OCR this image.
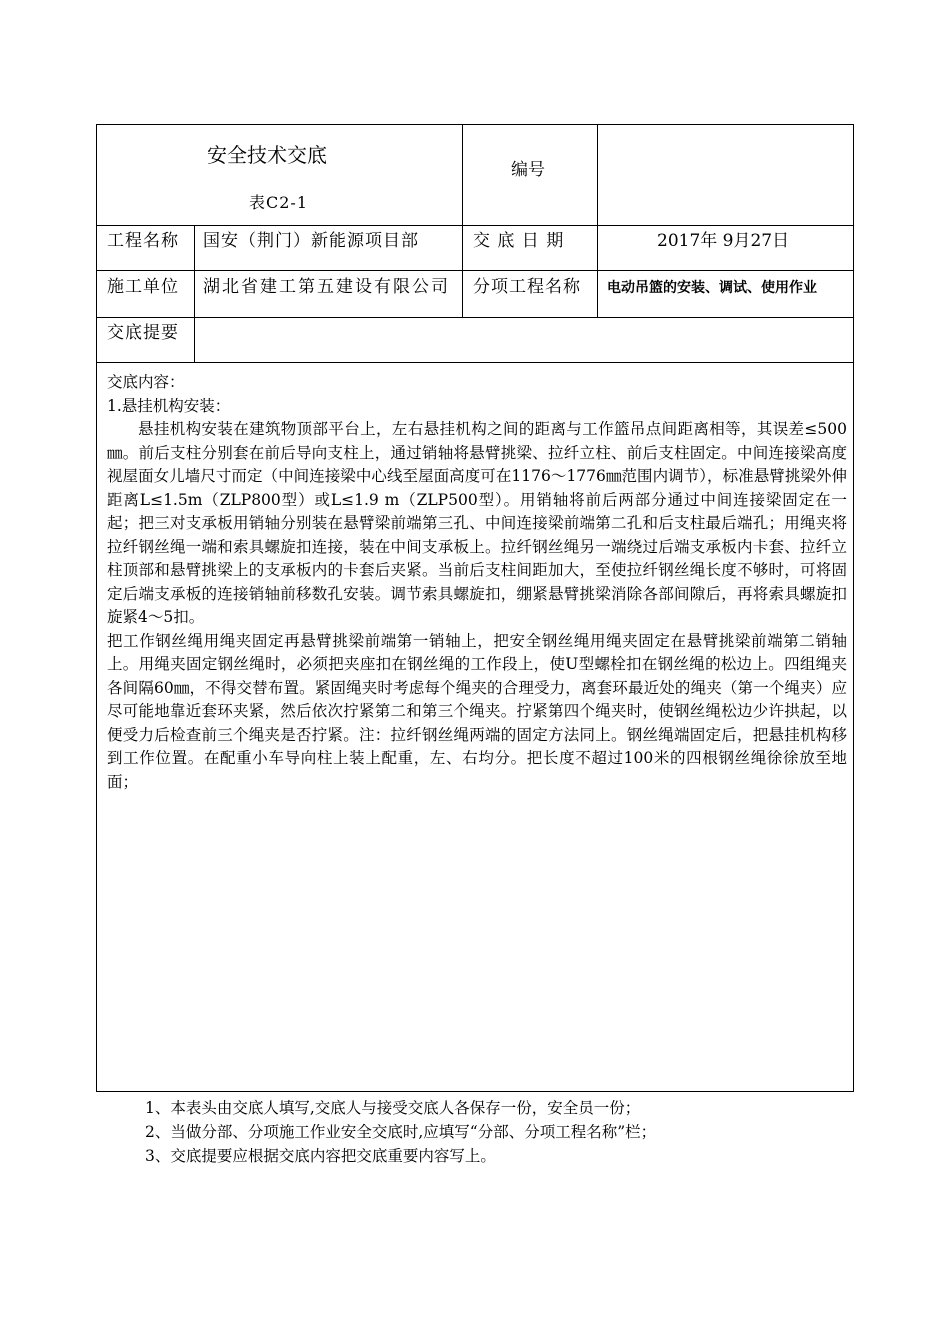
安全技术交底
表C2-1
编号
工程名称 国安（荆门）新能源项目部	交 底 日 期	2017年 9月27日
施工单位 湖北省建工第五建设有限公司 分项工程名称 电动吊篮的安装、调试、使用作业
交底提要

交底内容：

1.悬挂机构安装：

悬挂机构安装在建筑物顶部平台上，左右悬挂机构之间的距离与工作篮吊点间距离相等，其误差≤500㎜。前后支柱分别套在前后导向支柱上，通过销轴将悬臂挑梁、拉纤立柱、前后支柱固定。中间连接梁高度视屋面女儿墙尺寸而定（中间连接梁中心线至屋面高度可在1176～1776㎜范围内调节），标准悬臂挑梁外伸距离L≤1.5m（ZLP800型）或L≤1.9 m（ZLP500型）。用销轴将前后两部分通过中间连接梁固定在一起；把三对支承板用销轴分别装在悬臂梁前端第三孔、中间连接梁前端第二孔和后支柱最后端孔；用绳夹将拉纤钢丝绳一端和索具螺旋扣连接，装在中间支承板上。拉纤钢丝绳另一端绕过后端支承板内卡套、拉纤立柱顶部和悬臂挑梁上的支承板内的卡套后夹紧。当前后支柱间距加大，至使拉纤钢丝绳长度不够时，可将固定后端支承板的连接销轴前移数孔安装。调节索具螺旋扣，绷紧悬臂挑梁消除各部间隙后，再将索具螺旋扣旋紧4～5扣。

把工作钢丝绳用绳夹固定再悬臂挑梁前端第一销轴上，把安全钢丝绳用绳夹固定在悬臂挑梁前端第二销轴上。用绳夹固定钢丝绳时，必须把夹座扣在钢丝绳的工作段上，使U型螺栓扣在钢丝绳的松边上。四组绳夹各间隔60㎜，不得交替布置。紧固绳夹时考虑每个绳夹的合理受力，离套环最近处的绳夹（第一个绳夹）应尽可能地靠近套环夹紧，然后依次拧紧第二和第三个绳夹。拧紧第四个绳夹时，使钢丝绳松边少许拱起，以便受力后检查前三个绳夹是否拧紧。注：拉纤钢丝绳两端的固定方法同上。钢丝绳端固定后，把悬挂机构移到工作位置。在配重小车导向柱上装上配重，左、右均分。把长度不超过100米的四根钢丝绳徐徐放至地面；

1、本表头由交底人填写,交底人与接受交底人各保存一份，安全员一份；
2、当做分部、分项施工作业安全交底时,应填写“分部、分项工程名称”栏；
3、交底提要应根据交底内容把交底重要内容写上。
